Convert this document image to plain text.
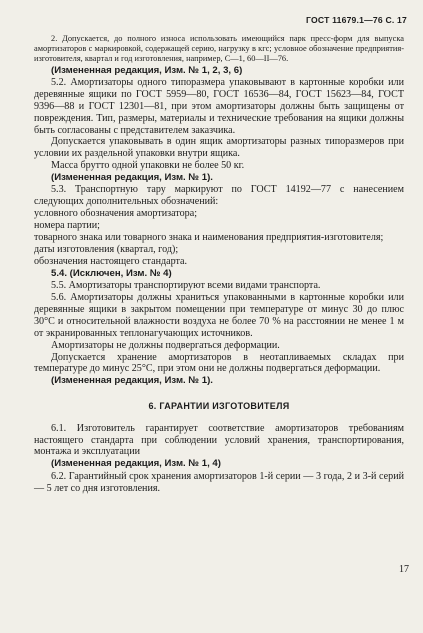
ГОСТ 11679.1—76 С. 17

2. Допускается, до полного износа использовать имеющийся парк пресс-форм для выпуска амортизаторов с маркировкой, содержащей серию, нагрузку в кгс; условное обозначение предприятия-изготовителя, квартал и год изготовления, например, С—1, 60—II—76.

(Измененная редакция, Изм. № 1, 2, 3, 6)

5.2. Амортизаторы одного типоразмера упаковывают в картонные коробки или деревянные ящики по ГОСТ 5959—80, ГОСТ 16536—84, ГОСТ 15623—84, ГОСТ 9396—88 и ГОСТ 12301—81, при этом амортизаторы должны быть защищены от повреждения. Тип, размеры, материалы и технические требования на ящики должны быть согласованы с представителем заказчика.

Допускается упаковывать в один ящик амортизаторы разных типоразмеров при условии их раздельной упаковки внутри ящика.

Масса брутто одной упаковки не более 50 кг.

(Измененная редакция, Изм. № 1).

5.3. Транспортную тару маркируют по ГОСТ 14192—77 с нанесением следующих дополнительных обозначений:

условного обозначения амортизатора;

номера партии;

товарного знака или товарного знака и наименования предприятия-изготовителя;

даты изготовления (квартал, год);

обозначения настоящего стандарта.

5.4. (Исключен, Изм. № 4)

5.5. Амортизаторы транспортируют всеми видами транспорта.

5.6. Амортизаторы должны храниться упакованными в картонные коробки или деревянные ящики в закрытом помещении при температуре от минус 30 до плюс 30°С и относительной влажности воздуха не более 70 % на расстоянии не менее 1 м от экранированных теплонагучающих источников.

Амортизаторы не должны подвергаться деформации.

Допускается хранение амортизаторов в неотапливаемых складах при температуре до минус 25°С, при этом они не должны подвергаться деформации.

(Измененная редакция, Изм. № 1).

6. ГАРАНТИИ ИЗГОТОВИТЕЛЯ

6.1. Изготовитель гарантирует соответствие амортизаторов требованиям настоящего стандарта при соблюдении условий хранения, транспортирования, монтажа и эксплуатации

(Измененная редакция, Изм. № 1, 4)

6.2. Гарантийный срок хранения амортизаторов 1-й серии — 3 года, 2 и 3-й серий — 5 лет со дня изготовления.

17
